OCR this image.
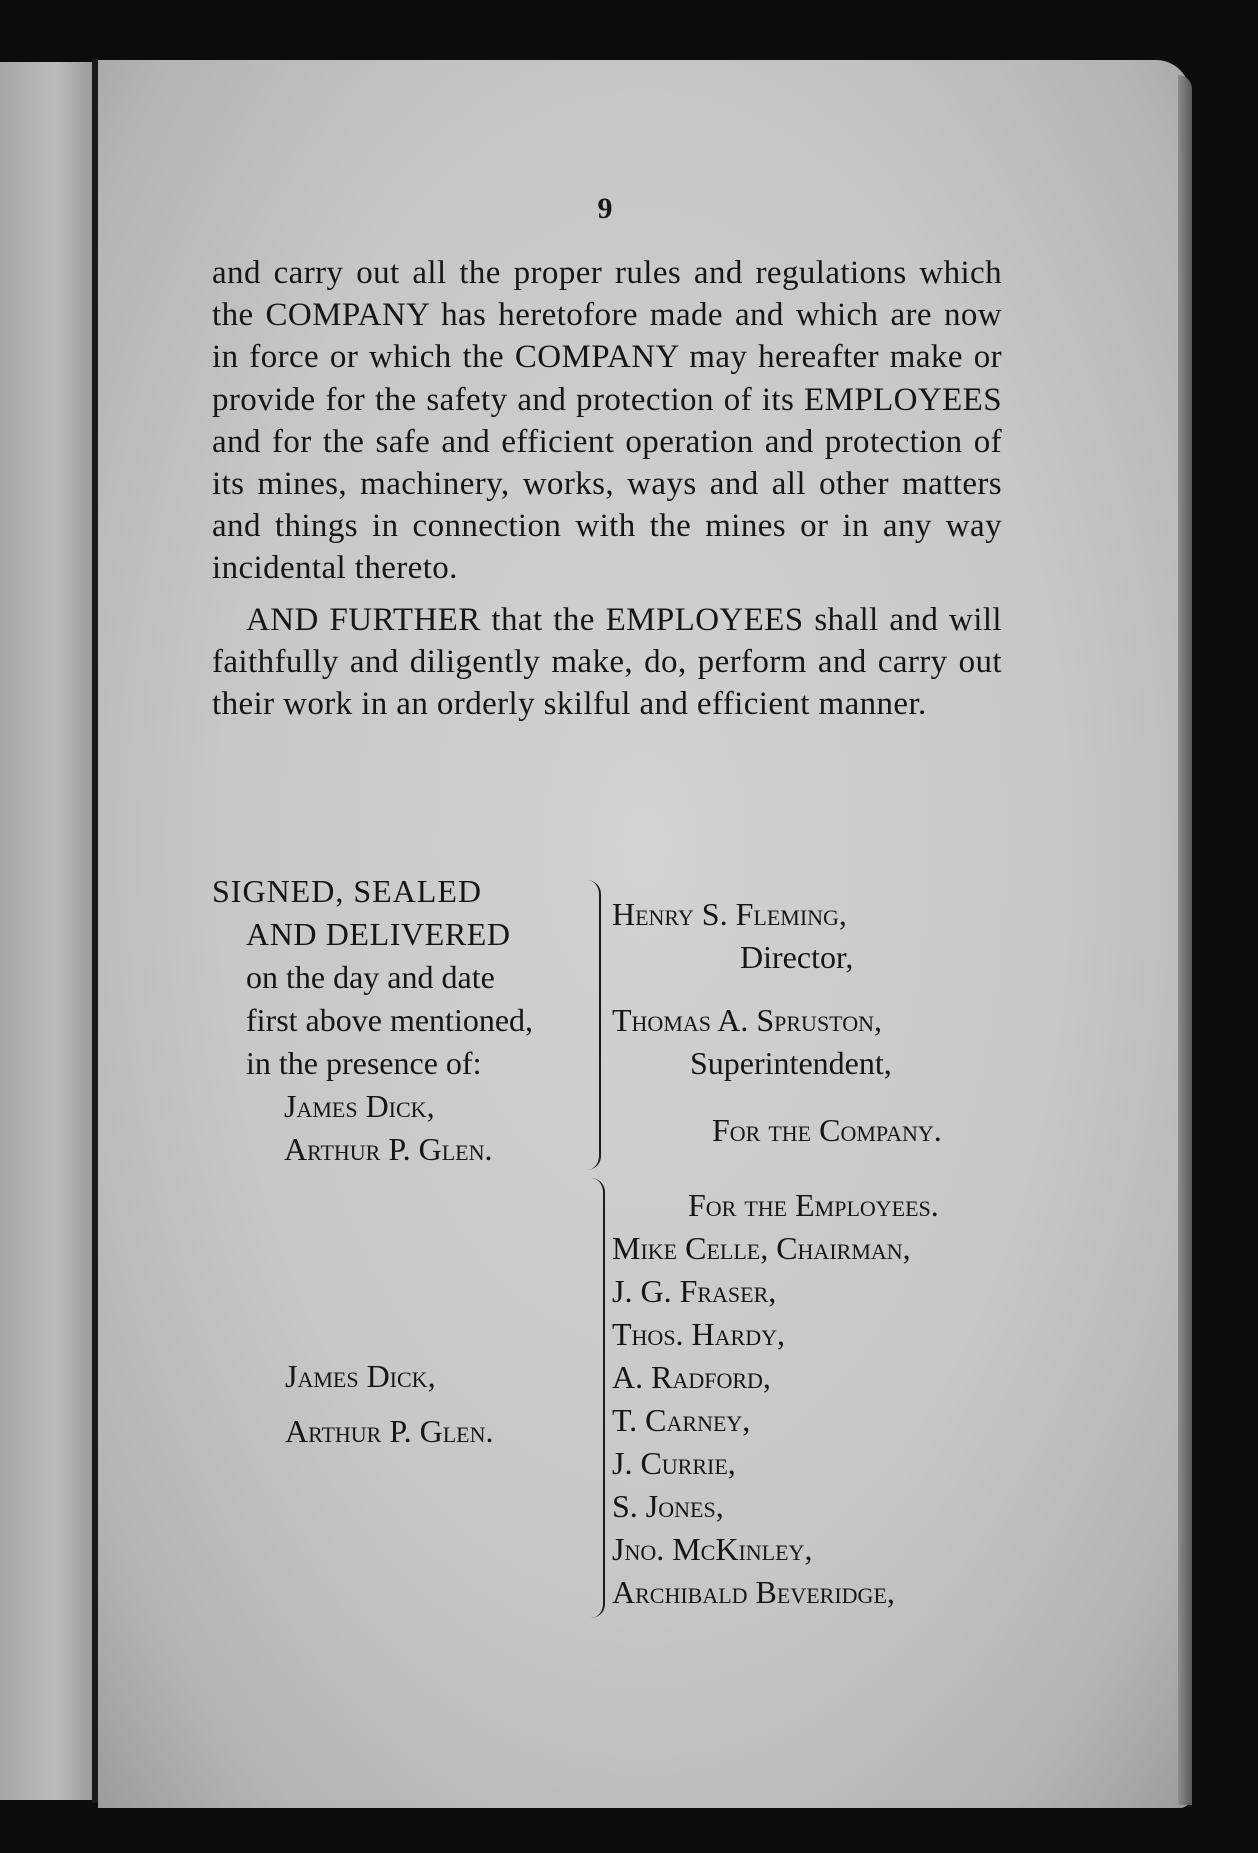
9

and carry out all the proper rules and regulations which the COMPANY has heretofore made and which are now in force or which the COMPANY may hereafter make or provide for the safety and protection of its EMPLOYEES and for the safe and efficient operation and protection of its mines, machinery, works, ways and all other matters and things in connection with the mines or in any way incidental thereto.

AND FURTHER that the EMPLOYEES shall and will faithfully and diligently make, do, perform and carry out their work in an orderly skilful and efficient manner.

SIGNED, SEALED
AND DELIVERED
on the day and date
first above mentioned,
in the presence of:
James Dick,
Arthur P. Glen.
Henry S. Fleming,
Director,
Thomas A. Spruston,
Superintendent,
For the Company.
For the Employees.
Mike Celle, Chairman,
J. G. Fraser,
Thos. Hardy,
A. Radford,
T. Carney,
J. Currie,
S. Jones,
Jno. McKinley,
Archibald Beveridge,
James Dick,
Arthur P. Glen.
